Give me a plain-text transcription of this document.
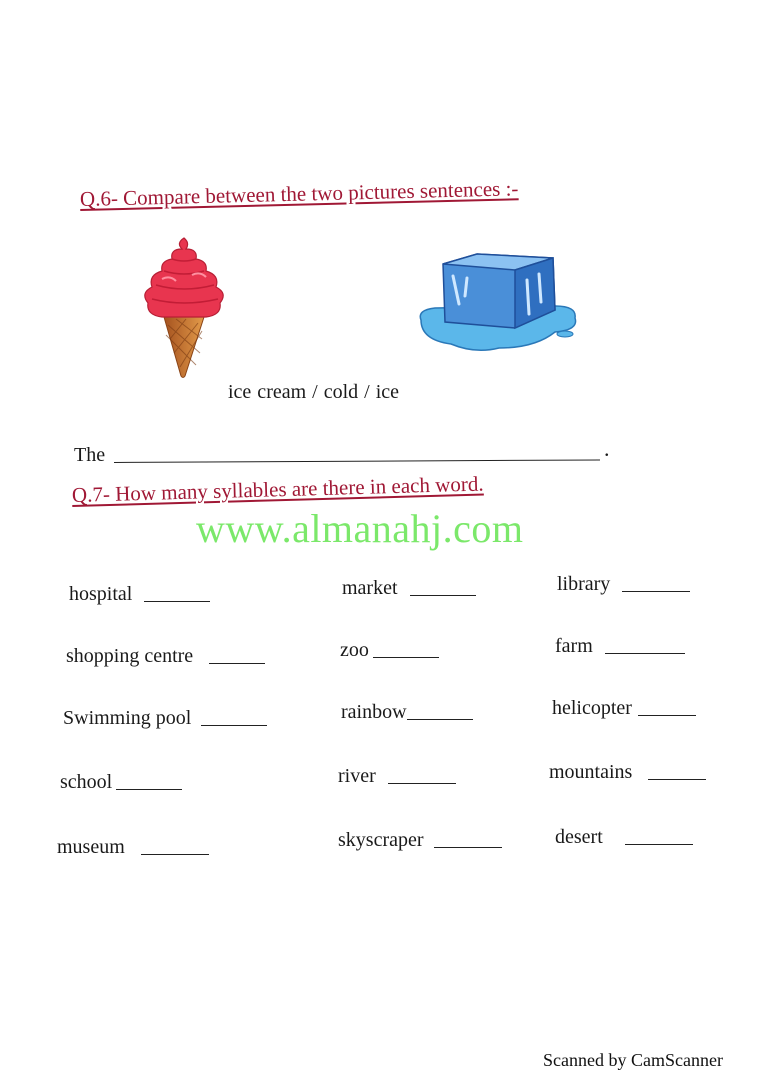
Q.6- Compare between the two pictures sentences :-
ice cream / cold / ice
The	.
Q.7- How many syllables are there in each word.
www.almanahj.com
hospital
shopping centre
Swimming pool
school
museum
market
zoo
rainbow
river
skyscraper
library
farm
helicopter
mountains
desert
Scanned by CamScanner
